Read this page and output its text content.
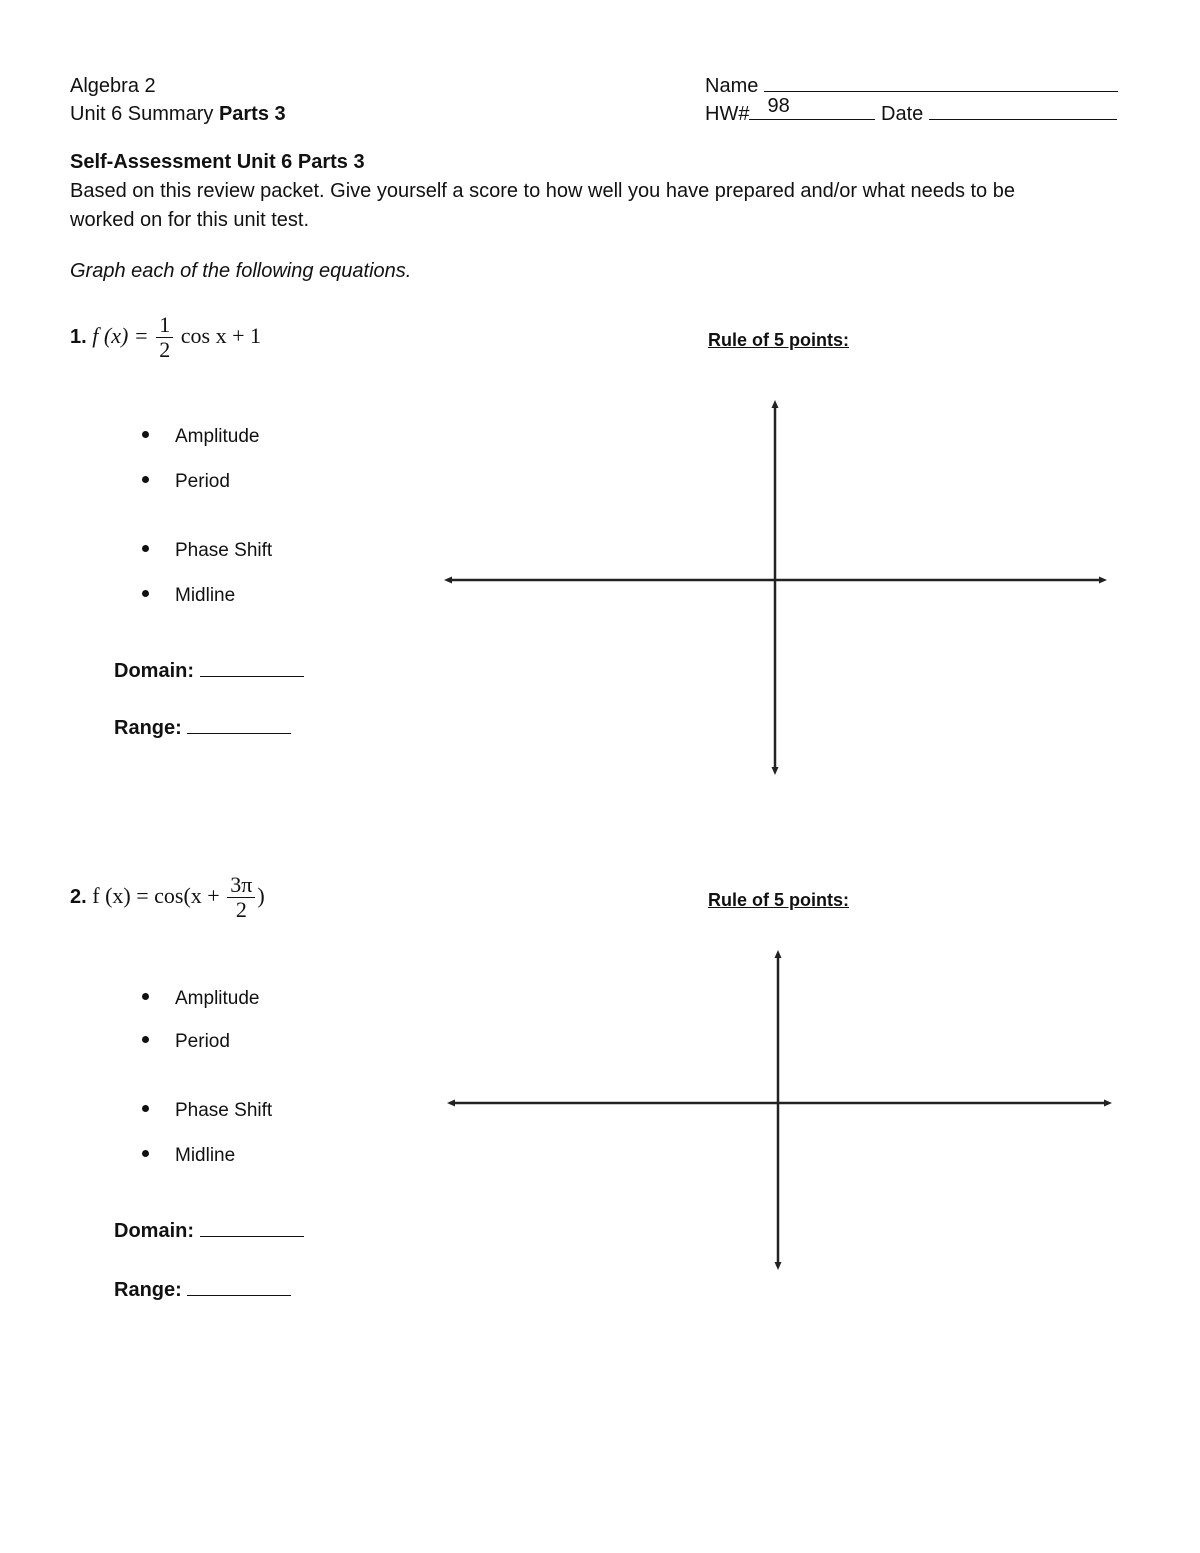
Algebra 2
Unit 6 Summary Parts 3
Name
HW# 98	Date
Self-Assessment Unit 6 Parts 3
Based on this review packet. Give yourself a score to how well you have prepared and/or what needs to be
worked on for this unit test.
Graph each of the following equations.
1. f $(x) = \frac{1}{2}$ cos x + 1	Rule of 5 points:
Amplitude
Period
Phase Shift
Midline
Domain:
Range:
2. f $(x) = \cos(x + \frac{3\pi}{2}$ )	Rule of 5 points:
Amplitude
Period
Phase Shift
Midline
Domain:
Range:
